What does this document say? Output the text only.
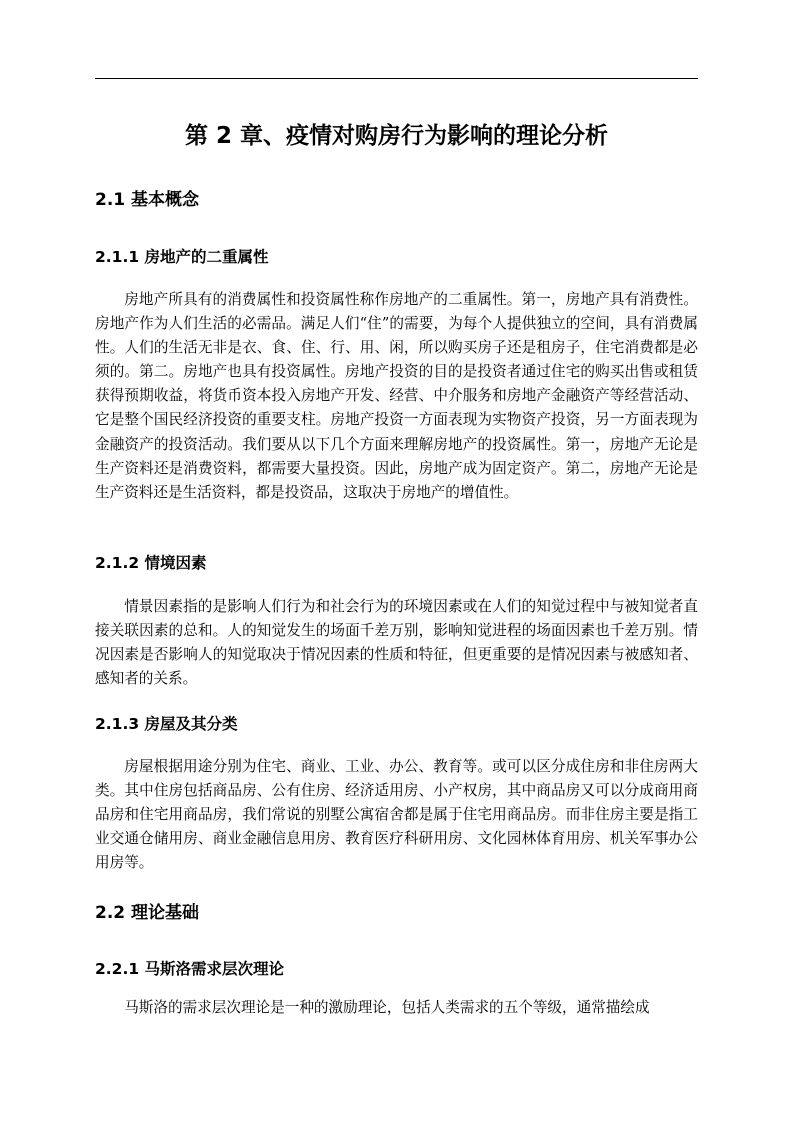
第 2 章、疫情对购房行为影响的理论分析
2.1 基本概念
2.1.1 房地产的二重属性

房地产所具有的消费属性和投资属性称作房地产的二重属性。第一，房地产具有消费性。房地产作为人们生活的必需品。满足人们“住”的需要，为每个人提供独立的空间，具有消费属性。人们的生活无非是衣、食、住、行、用、闲，所以购买房子还是租房子，住宅消费都是必须的。第二。房地产也具有投资属性。房地产投资的目的是投资者通过住宅的购买出售或租赁获得预期收益，将货币资本投入房地产开发、经营、中介服务和房地产金融资产等经营活动、它是整个国民经济投资的重要支柱。房地产投资一方面表现为实物资产投资，另一方面表现为金融资产的投资活动。我们要从以下几个方面来理解房地产的投资属性。第一，房地产无论是生产资料还是消费资料，都需要大量投资。因此，房地产成为固定资产。第二，房地产无论是生产资料还是生活资料，都是投资品，这取决于房地产的增值性。

2.1.2 情境因素

情景因素指的是影响人们行为和社会行为的环境因素或在人们的知觉过程中与被知觉者直接关联因素的总和。人的知觉发生的场面千差万别，影响知觉进程的场面因素也千差万别。情况因素是否影响人的知觉取决于情况因素的性质和特征，但更重要的是情况因素与被感知者、感知者的关系。

2.1.3 房屋及其分类

房屋根据用途分别为住宅、商业、工业、办公、教育等。或可以区分成住房和非住房两大类。其中住房包括商品房、公有住房、经济适用房、小产权房，其中商品房又可以分成商用商品房和住宅用商品房，我们常说的别墅公寓宿舍都是属于住宅用商品房。而非住房主要是指工业交通仓储用房、商业金融信息用房、教育医疗科研用房、文化园林体育用房、机关军事办公用房等。

2.2 理论基础
2.2.1 马斯洛需求层次理论

马斯洛的需求层次理论是一种的激励理论，包括人类需求的五个等级，通常描绘成
